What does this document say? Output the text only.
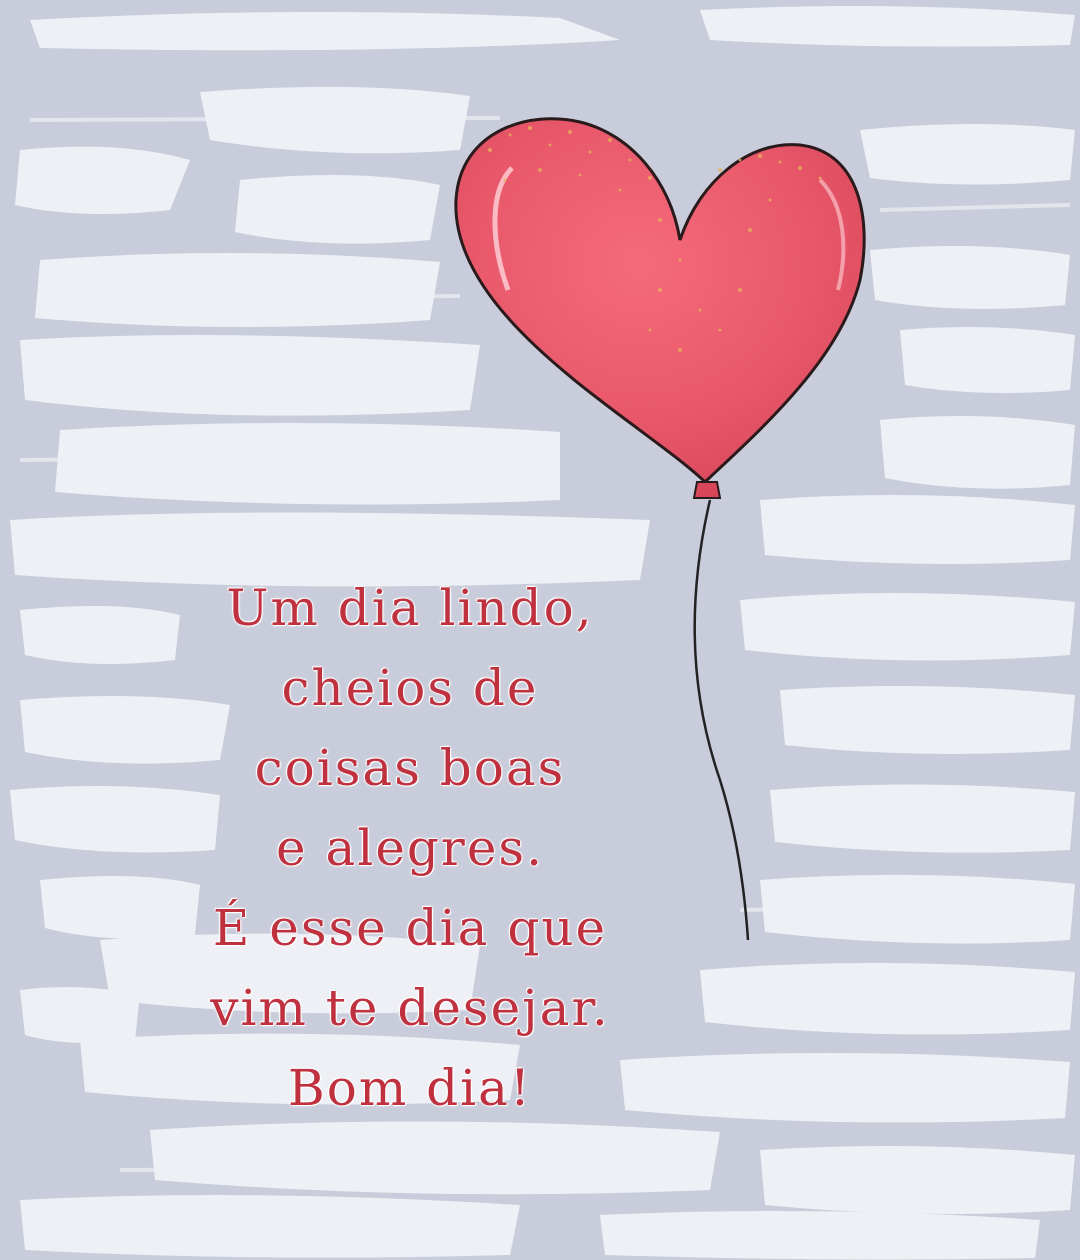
Um dia lindo,
cheios de
coisas boas
e alegres.
É esse dia que
vim te desejar.
Bom dia!
